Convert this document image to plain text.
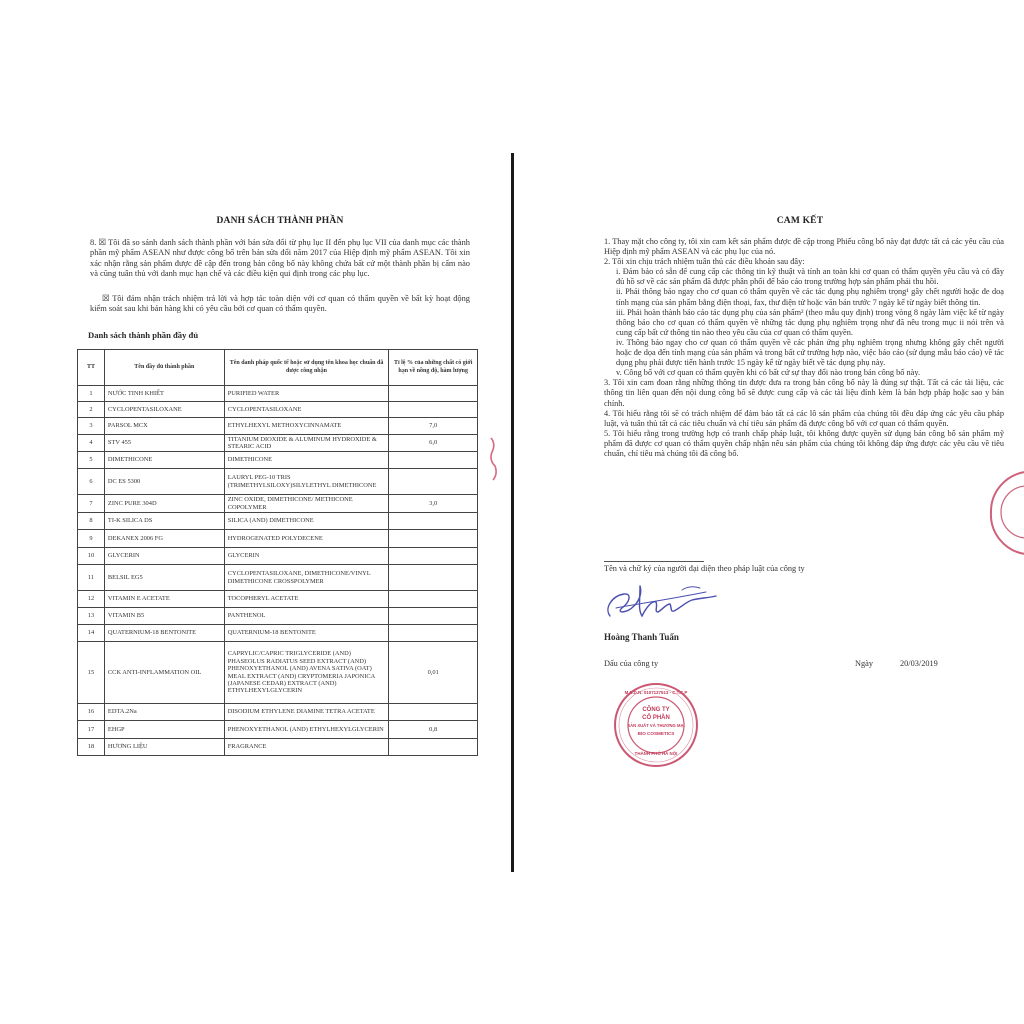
DANH SÁCH THÀNH PHẦN
8. ☒ Tôi đã so sánh danh sách thành phần với bản sửa đổi từ phụ lục II đến phụ lục VII của danh mục các thành phần mỹ phẩm ASEAN như được công bố trên bản sửa đổi năm 2017 của Hiệp định mỹ phẩm ASEAN. Tôi xin xác nhận rằng sản phẩm được đề cập đến trong bản công bố này không chứa bất cứ một thành phần bị cấm nào và cũng tuân thủ với danh mục hạn chế và các điều kiện qui định trong các phụ lục.
☒ Tôi đảm nhận trách nhiệm trả lời và hợp tác toàn diện với cơ quan có thẩm quyền về bất kỳ hoạt động kiểm soát sau khi bán hàng khi có yêu cầu bởi cơ quan có thẩm quyền.
Danh sách thành phần đầy đủ
TT	Tên đầy đủ thành phần	Tên danh pháp quốc tế hoặc sử dụng tên khoa học chuẩn đã được công nhận	Tỉ lệ % của những chất có giới hạn về nồng độ, hàm lượng
1	NƯỚC TINH KHIẾT	PURIFIED WATER	
2	CYCLOPENTASILOXANE	CYCLOPENTASILOXANE	
3	PARSOL MCX	ETHYLHEXYL METHOXYCINNAMATE	7,0
4	STV 455	TITANIUM DIOXIDE & ALUMINUM HYDROXIDE & STEARIC ACID	6,0
5	DIMETHICONE	DIMETHICONE	
6	DC ES 5300	LAURYL PEG-10 TRIS (TRIMETHYLSILOXY)SILYLETHYL DIMETHICONE	
7	ZINC PURE 304D	ZINC OXIDE, DIMETHICONE/ METHICONE COPOLYMER	3,0
8	TI-K SILICA DS	SILICA (AND) DIMETHICONE	
9	DEKANEX 2006 FG	HYDROGENATED POLYDECENE	
10	GLYCERIN	GLYCERIN	
11	BELSIL EG5	CYCLOPENTASILOXANE, DIMETHICONE/VINYL DIMETHICONE CROSSPOLYMER	
12	VITAMIN E ACETATE	TOCOPHERYL ACETATE	
13	VITAMIN B5	PANTHENOL	
14	QUATERNIUM-18 BENTONITE	QUATERNIUM-18 BENTONITE	
15	CCK ANTI-INFLAMMATION OIL	CAPRYLIC/CAPRIC TRIGLYCERIDE (AND) PHASEOLUS RADIATUS SEED EXTRACT (AND) PHENOXYETHANOL (AND) AVENA SATIVA (OAT) MEAL EXTRACT (AND) CRYPTOMERIA JAPONICA (JAPANESE CEDAR) EXTRACT (AND) ETHYLHEXYLGLYCERIN	0,01
16	EDTA.2Na	DISODIUM ETHYLENE DIAMINE TETRA ACETATE	
17	EHGP	PHENOXYETHANOL (AND) ETHYLHEXYLGLYCERIN	0,8
18	HƯƠNG LIỆU	FRAGRANCE	
CAM KẾT
1. Thay mặt cho công ty, tôi xin cam kết sản phẩm được đề cập trong Phiếu công bố này đạt được tất cả các yêu cầu của Hiệp định mỹ phẩm ASEAN và các phụ lục của nó.
2. Tôi xin chịu trách nhiệm tuân thủ các điều khoản sau đây:
i. Đảm bảo có sẵn để cung cấp các thông tin kỹ thuật và tính an toàn khi cơ quan có thẩm quyền yêu cầu và có đầy đủ hồ sơ về các sản phẩm đã được phân phối để báo cáo trong trường hợp sản phẩm phải thu hồi.
ii. Phải thông báo ngay cho cơ quan có thẩm quyền về các tác dụng phụ nghiêm trọng¹ gây chết người hoặc đe doạ tính mạng của sản phẩm bằng điện thoại, fax, thư điện tử hoặc văn bản trước 7 ngày kể từ ngày biết thông tin.
iii. Phải hoàn thành báo cáo tác dụng phụ của sản phẩm² (theo mẫu quy định) trong vòng 8 ngày làm việc kể từ ngày thông báo cho cơ quan có thẩm quyền về những tác dụng phụ nghiêm trọng như đã nêu trong mục ii nói trên và cung cấp bất cứ thông tin nào theo yêu cầu của cơ quan có thẩm quyền.
iv. Thông báo ngay cho cơ quan có thẩm quyền về các phản ứng phụ nghiêm trọng nhưng không gây chết người hoặc đe dọa đến tính mạng của sản phẩm và trong bất cứ trường hợp nào, việc báo cáo (sử dụng mẫu báo cáo) về tác dụng phụ phải được tiến hành trước 15 ngày kể từ ngày biết về tác dụng phụ này.
v. Công bố với cơ quan có thẩm quyền khi có bất cứ sự thay đổi nào trong bản công bố này.
3. Tôi xin cam đoan rằng những thông tin được đưa ra trong bản công bố này là đúng sự thật. Tất cả các tài liệu, các thông tin liên quan đến nội dung công bố sẽ được cung cấp và các tài liệu đính kèm là bản hợp pháp hoặc sao y bản chính.
4. Tôi hiểu rằng tôi sẽ có trách nhiệm để đảm bảo tất cả các lô sản phẩm của chúng tôi đều đáp ứng các yêu cầu pháp luật, và tuân thủ tất cả các tiêu chuẩn và chỉ tiêu sản phẩm đã được công bố với cơ quan có thẩm quyền.
5. Tôi hiểu rằng trong trường hợp có tranh chấp pháp luật, tôi không được quyền sử dụng bản công bố sản phẩm mỹ phẩm đã được cơ quan có thẩm quyền chấp nhận nếu sản phẩm của chúng tôi không đáp ứng được các yêu cầu về tiêu chuẩn, chỉ tiêu mà chúng tôi đã công bố.
Tên và chữ ký của người đại diện theo pháp luật của công ty
Hoàng Thanh Tuấn
Dấu của công ty	Ngày	20/03/2019
M.S.D.N: 0107127513 - C.T.C.P
CÔNG TY
CỔ PHẦN
SẢN XUẤT VÀ THƯƠNG MẠI
BIO COSMETICS
THÀNH PHỐ HÀ NỘI
